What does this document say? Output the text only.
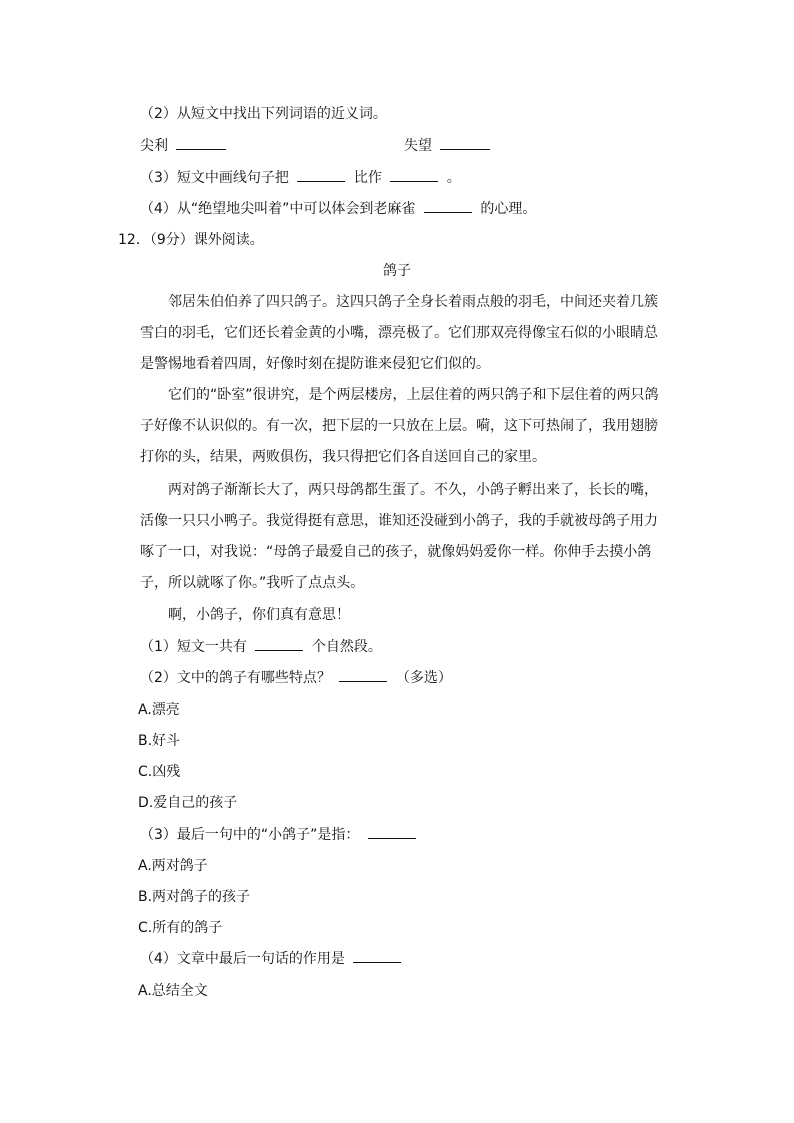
（2）从短文中找出下列词语的近义词。
尖利	失望
（3）短文中画线句子把	比作	。
（4）从“绝望地尖叫着”中可以体会到老麻雀	的心理。
12．（9分）课外阅读。
鸽子
邻居朱伯伯养了四只鸽子。这四只鸽子全身长着雨点般的羽毛，中间还夹着几簇雪白的羽毛，它们还长着金黄的小嘴，漂亮极了。它们那双亮得像宝石似的小眼睛总是警惕地看着四周，好像时刻在提防谁来侵犯它们似的。
它们的“卧室”很讲究，是个两层楼房，上层住着的两只鸽子和下层住着的两只鸽子好像不认识似的。有一次，把下层的一只放在上层。嗬，这下可热闹了，我用翅膀打你的头，结果，两败俱伤，我只得把它们各自送回自己的家里。
两对鸽子渐渐长大了，两只母鸽都生蛋了。不久，小鸽子孵出来了，长长的嘴，活像一只只小鸭子。我觉得挺有意思，谁知还没碰到小鸽子，我的手就被母鸽子用力啄了一口，对我说：“母鸽子最爱自己的孩子，就像妈妈爱你一样。你伸手去摸小鸽子，所以就啄了你。”我听了点点头。
啊，小鸽子，你们真有意思！
（1）短文一共有	个自然段。
（2）文中的鸽子有哪些特点？	（多选）
A.漂亮
B.好斗
C.凶残
D.爱自己的孩子
（3）最后一句中的“小鸽子”是指：
A.两对鸽子
B.两对鸽子的孩子
C.所有的鸽子
（4）文章中最后一句话的作用是
A.总结全文
